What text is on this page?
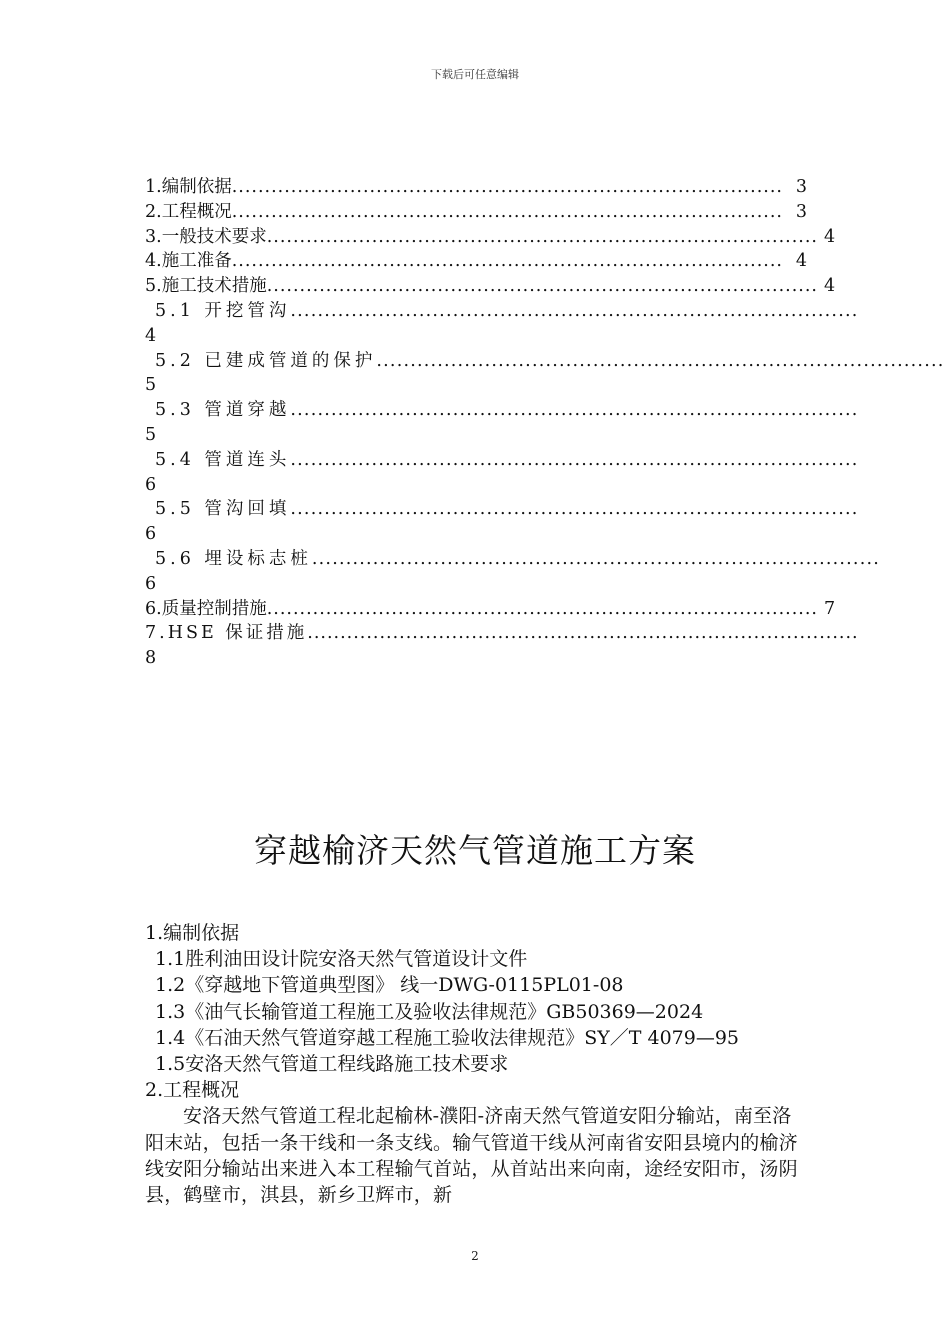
下载后可任意编辑
1.编制依据 .................................................................................... 3
2.工程概况 .................................................................................... 3
3.一般技术要求 .................................................................................... 4
4.施工准备 .................................................................................... 4
5.施工技术措施 .................................................................................... 4
5.1 开挖管沟 ....................................................................................
4
5.2 已建成管道的保护 ....................................................................................
5
5.3 管道穿越 ....................................................................................
5
5.4 管道连头 ....................................................................................
6
5.5 管沟回填 ....................................................................................
6
5.6 埋设标志桩 ....................................................................................
6
6.质量控制措施 .................................................................................... 7
7.HSE 保证措施 ....................................................................................
8
穿越榆济天然气管道施工方案
1.编制依据
1.1胜利油田设计院安洛天然气管道设计文件
1.2《穿越地下管道典型图》 线一DWG-0115PL01-08
1.3《油气长输管道工程施工及验收法律规范》GB50369—2024
1.4《石油天然气管道穿越工程施工验收法律规范》SY／T 4079—95
1.5安洛天然气管道工程线路施工技术要求
2.工程概况
安洛天然气管道工程北起榆林-濮阳-济南天然气管道安阳分输站，南至洛阳末站，包括一条干线和一条支线。输气管道干线从河南省安阳县境内的榆济线安阳分输站出来进入本工程输气首站，从首站出来向南，途经安阳市，汤阴县，鹤壁市，淇县，新乡卫辉市，新
2
